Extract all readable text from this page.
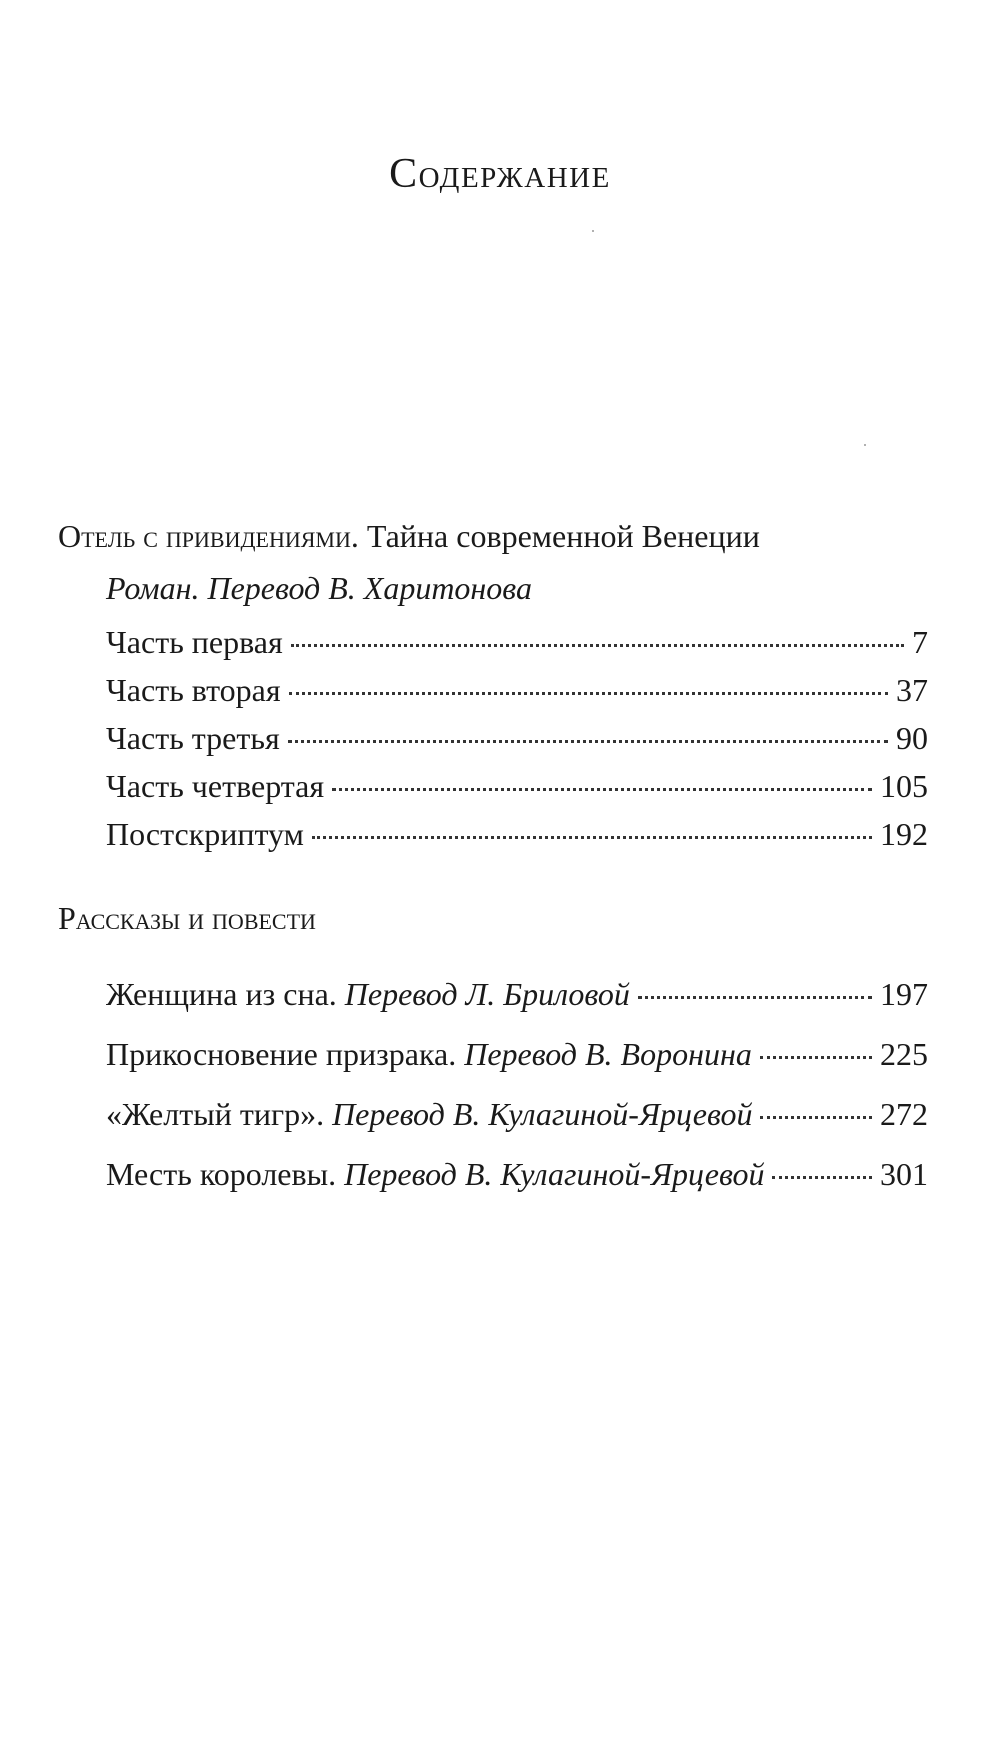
Содержание
Отель с привидениями. Тайна современной Венеции

Роман. Перевод В. Харитонова

Часть первая	7
Часть вторая	37
Часть третья	90
Часть четвертая	105
Постскриптум	192
Рассказы и повести
Женщина из сна. Перевод Л. Бриловой	197
Прикосновение призрака. Перевод В. Воронина	225
«Желтый тигр». Перевод В. Кулагиной-Ярцевой	272
Месть королевы. Перевод В. Кулагиной-Ярцевой	301
